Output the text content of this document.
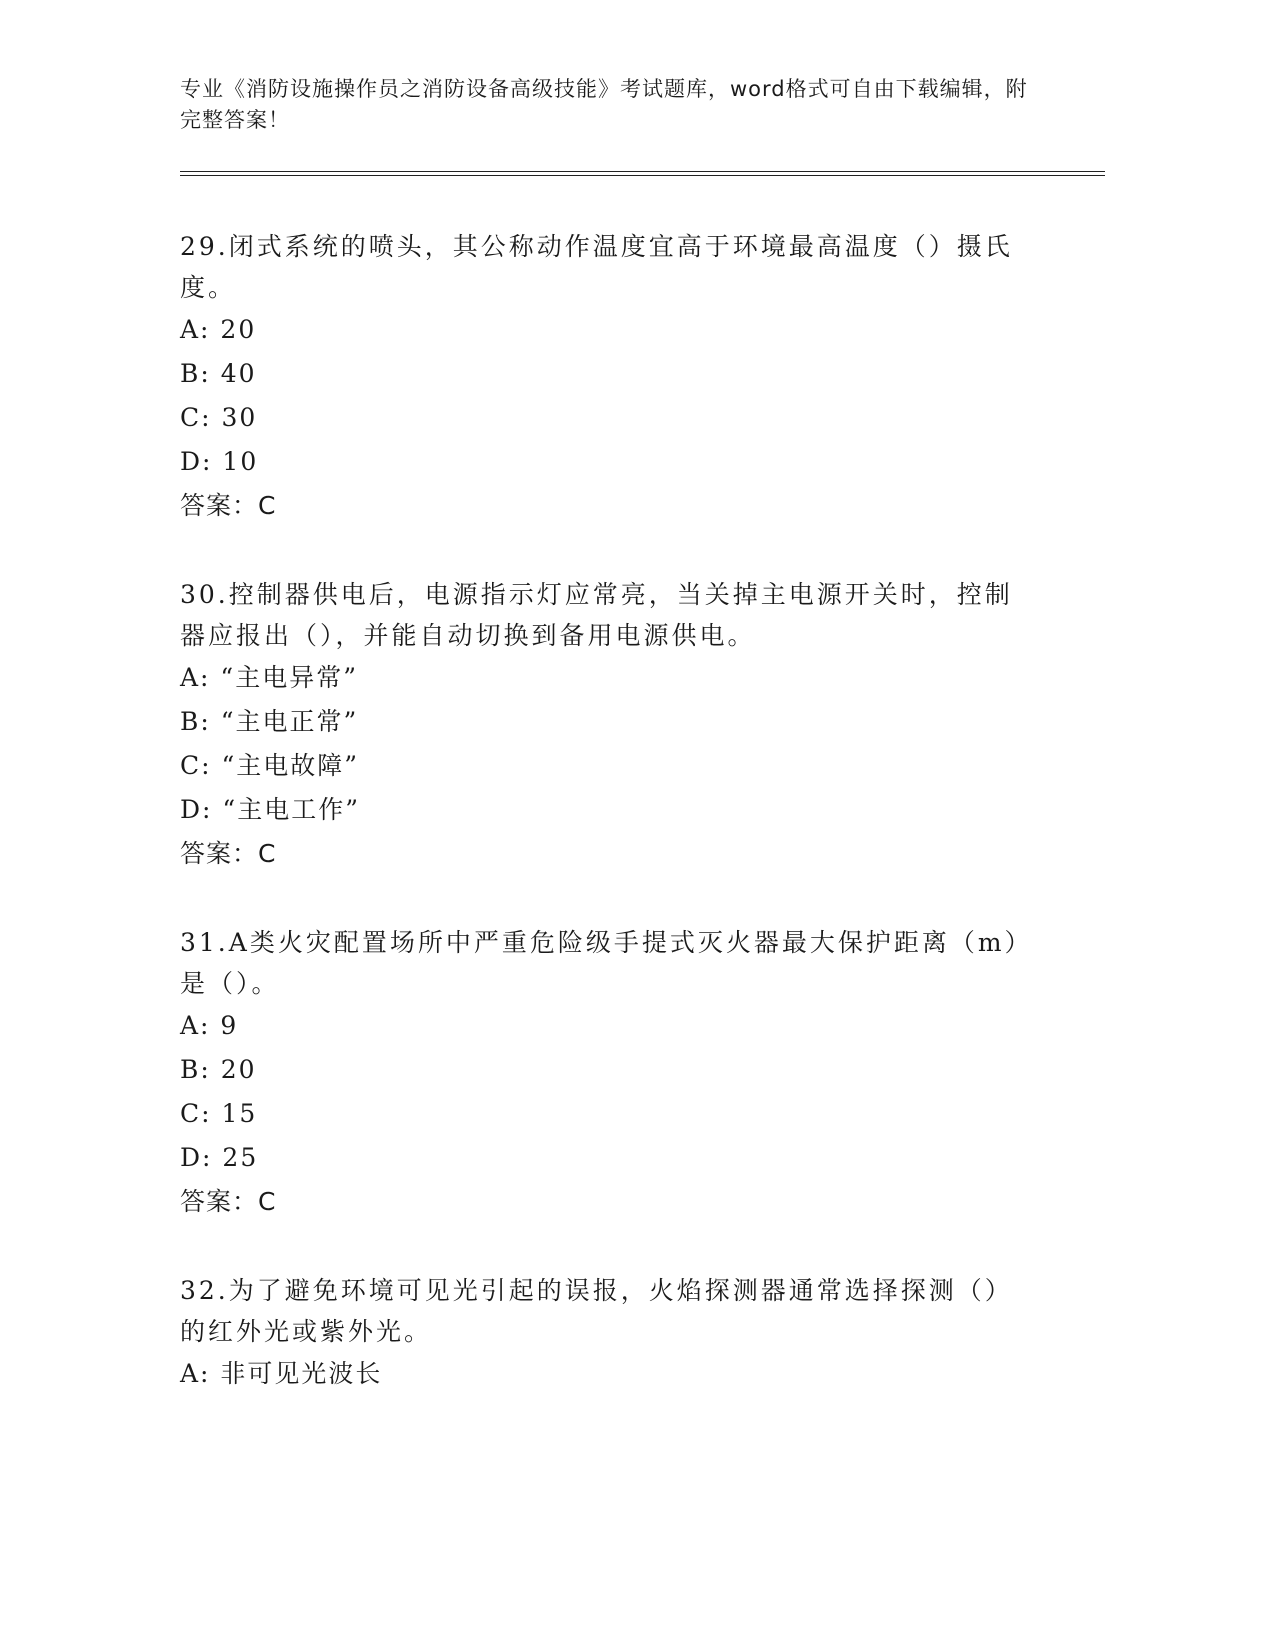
专业《消防设施操作员之消防设备高级技能》考试题库，word格式可自由下载编辑，附完整答案！

29.闭式系统的喷头，其公称动作温度宜高于环境最高温度（）摄氏度。

A: 20

B: 40

C: 30

D: 10

答案：C

30.控制器供电后，电源指示灯应常亮，当关掉主电源开关时，控制器应报出（），并能自动切换到备用电源供电。

A: “主电异常”

B: “主电正常”

C: “主电故障”

D: “主电工作”

答案：C

31.A类火灾配置场所中严重危险级手提式灭火器最大保护距离（m）是（）。

A: 9

B: 20

C: 15

D: 25

答案：C

32.为了避免环境可见光引起的误报，火焰探测器通常选择探测（）的红外光或紫外光。

A: 非可见光波长
